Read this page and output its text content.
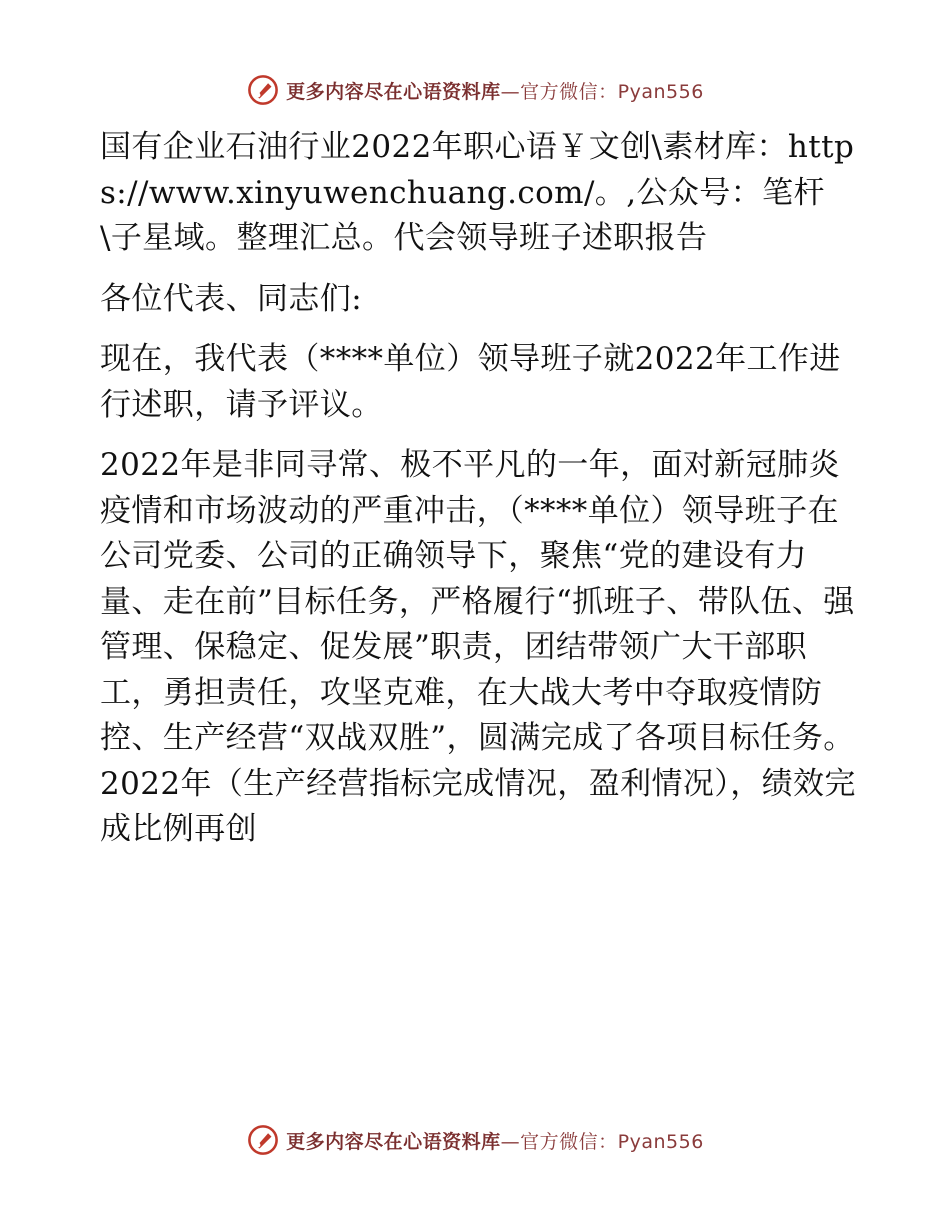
更多内容尽在心语资料库—官方微信：Pyan556

国有企业石油行业2022年职心语￥文创\素材库：https://www.xinyuwenchuang.com/。,公众号：笔杆\子星域。整理汇总。代会领导班子述职报告

各位代表、同志们:

现在，我代表（****单位）领导班子就2022年工作进行述职，请予评议。

2022年是非同寻常、极不平凡的一年，面对新冠肺炎疫情和市场波动的严重冲击，（****单位）领导班子在公司党委、公司的正确领导下，聚焦“党的建设有力量、走在前”目标任务，严格履行“抓班子、带队伍、强管理、保稳定、促发展”职责，团结带领广大干部职工，勇担责任，攻坚克难，在大战大考中夺取疫情防控、生产经营“双战双胜”，圆满完成了各项目标任务。2022年（生产经营指标完成情况，盈利情况），绩效完成比例再创

更多内容尽在心语资料库—官方微信：Pyan556
